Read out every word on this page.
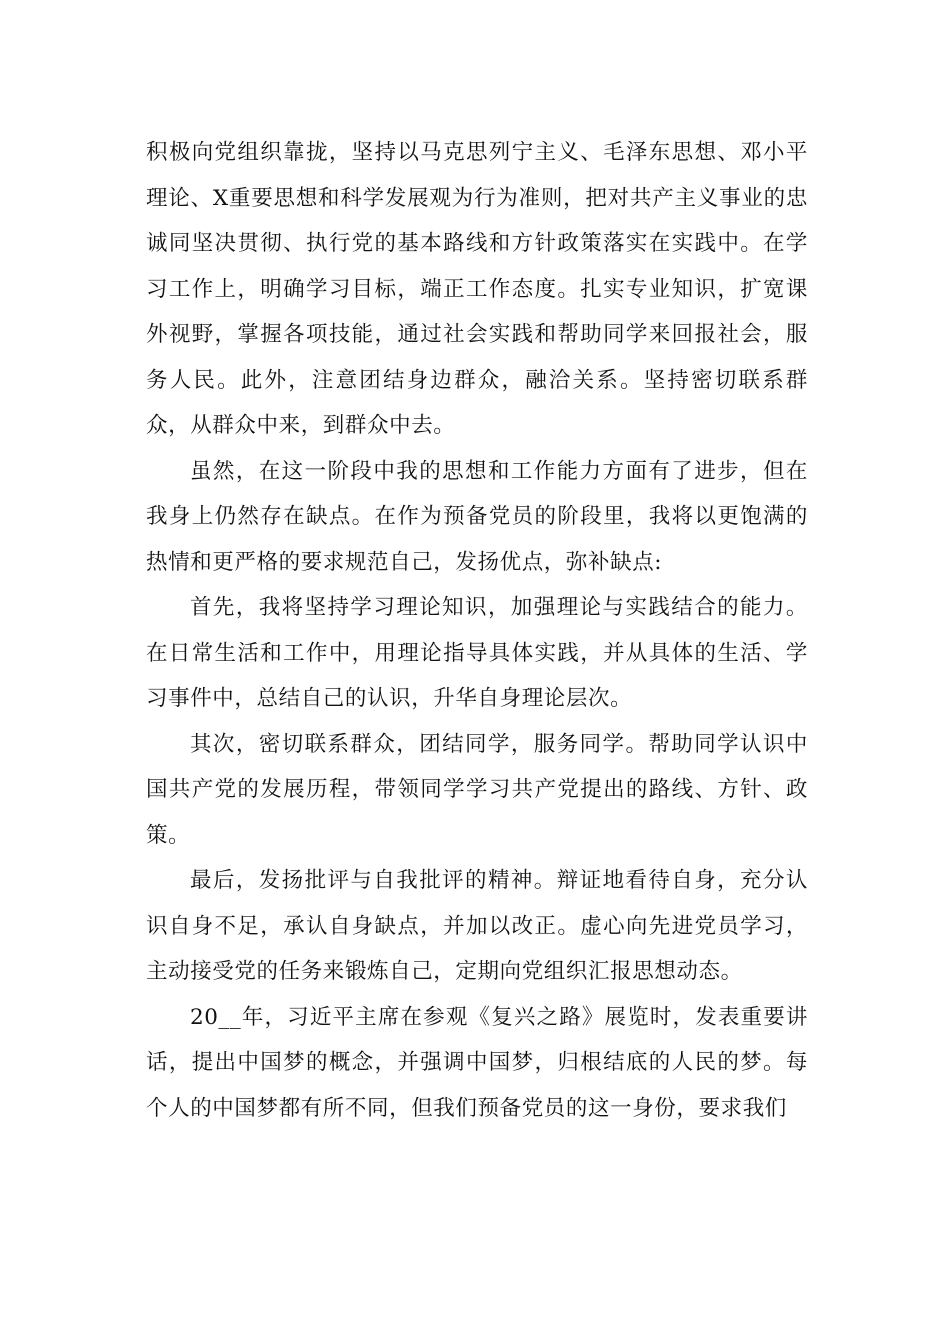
积极向党组织靠拢，坚持以马克思列宁主义、毛泽东思想、邓小平理论、X重要思想和科学发展观为行为准则，把对共产主义事业的忠诚同坚决贯彻、执行党的基本路线和方针政策落实在实践中。在学习工作上，明确学习目标，端正工作态度。扎实专业知识，扩宽课外视野，掌握各项技能，通过社会实践和帮助同学来回报社会，服务人民。此外，注意团结身边群众，融洽关系。坚持密切联系群众，从群众中来，到群众中去。

虽然，在这一阶段中我的思想和工作能力方面有了进步，但在我身上仍然存在缺点。在作为预备党员的阶段里，我将以更饱满的热情和更严格的要求规范自己，发扬优点，弥补缺点:

首先，我将坚持学习理论知识，加强理论与实践结合的能力。在日常生活和工作中，用理论指导具体实践，并从具体的生活、学习事件中，总结自己的认识，升华自身理论层次。

其次，密切联系群众，团结同学，服务同学。帮助同学认识中国共产党的发展历程，带领同学学习共产党提出的路线、方针、政策。

最后，发扬批评与自我批评的精神。辩证地看待自身，充分认识自身不足，承认自身缺点，并加以改正。虚心向先进党员学习，主动接受党的任务来锻炼自己，定期向党组织汇报思想动态。

20__年，习近平主席在参观《复兴之路》展览时，发表重要讲话，提出中国梦的概念，并强调中国梦，归根结底的人民的梦。每个人的中国梦都有所不同，但我们预备党员的这一身份，要求我们
